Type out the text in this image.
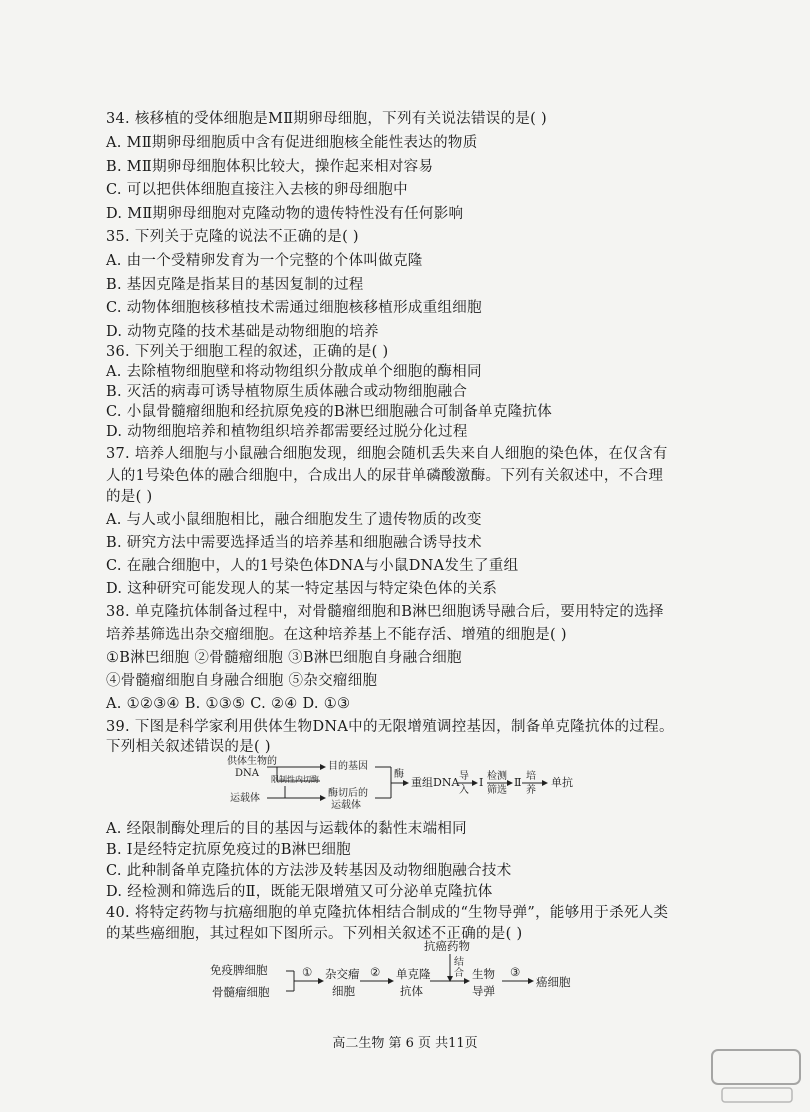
34. 核移植的受体细胞是MⅡ期卵母细胞，下列有关说法错误的是( )
A. MⅡ期卵母细胞质中含有促进细胞核全能性表达的物质
B. MⅡ期卵母细胞体积比较大，操作起来相对容易
C. 可以把供体细胞直接注入去核的卵母细胞中
D. MⅡ期卵母细胞对克隆动物的遗传特性没有任何影响
35. 下列关于克隆的说法不正确的是( )
A. 由一个受精卵发育为一个完整的个体叫做克隆
B. 基因克隆是指某目的基因复制的过程
C. 动物体细胞核移植技术需通过细胞核移植形成重组细胞
D. 动物克隆的技术基础是动物细胞的培养
36. 下列关于细胞工程的叙述，正确的是( )
A. 去除植物细胞壁和将动物组织分散成单个细胞的酶相同
B. 灭活的病毒可诱导植物原生质体融合或动物细胞融合
C. 小鼠骨髓瘤细胞和经抗原免疫的B淋巴细胞融合可制备单克隆抗体
D. 动物细胞培养和植物组织培养都需要经过脱分化过程
37. 培养人细胞与小鼠融合细胞发现，细胞会随机丢失来自人细胞的染色体，在仅含有
人的1号染色体的融合细胞中，合成出人的尿苷单磷酸激酶。下列有关叙述中，不合理
的是( )
A. 与人或小鼠细胞相比，融合细胞发生了遗传物质的改变
B. 研究方法中需要选择适当的培养基和细胞融合诱导技术
C. 在融合细胞中，人的1号染色体DNA与小鼠DNA发生了重组
D. 这种研究可能发现人的某一特定基因与特定染色体的关系
38. 单克隆抗体制备过程中，对骨髓瘤细胞和B淋巴细胞诱导融合后，要用特定的选择
培养基筛选出杂交瘤细胞。在这种培养基上不能存活、增殖的细胞是( )
①B淋巴细胞 ②骨髓瘤细胞 ③B淋巴细胞自身融合细胞
④骨髓瘤细胞自身融合细胞 ⑤杂交瘤细胞
A. ①②③④ B. ①③⑤ C. ②④ D. ①③
39. 下图是科学家利用供体生物DNA中的无限增殖调控基因，制备单克隆抗体的过程。
下列相关叙述错误的是( )
供体生物的
DNA
限制性内切酶
目的基因
运载体	酶切后的
运载体
酶
重组DNA 导
入
Ⅰ 检测
筛选
Ⅱ 培
养
单抗
A. 经限制酶处理后的目的基因与运载体的黏性末端相同
B. Ⅰ是经特定抗原免疫过的B淋巴细胞
C. 此种制备单克隆抗体的方法涉及转基因及动物细胞融合技术
D. 经检测和筛选后的Ⅱ，既能无限增殖又可分泌单克隆抗体
40. 将特定药物与抗癌细胞的单克隆抗体相结合制成的“生物导弹”，能够用于杀死人类
的某些癌细胞，其过程如下图所示。下列相关叙述不正确的是( )
免疫脾细胞
骨髓瘤细胞
① 杂交瘤
细胞
② 单克隆
抗体
抗癌药物
结
合 生物
导弹
③
癌细胞
高二生物 第 6 页 共11页
